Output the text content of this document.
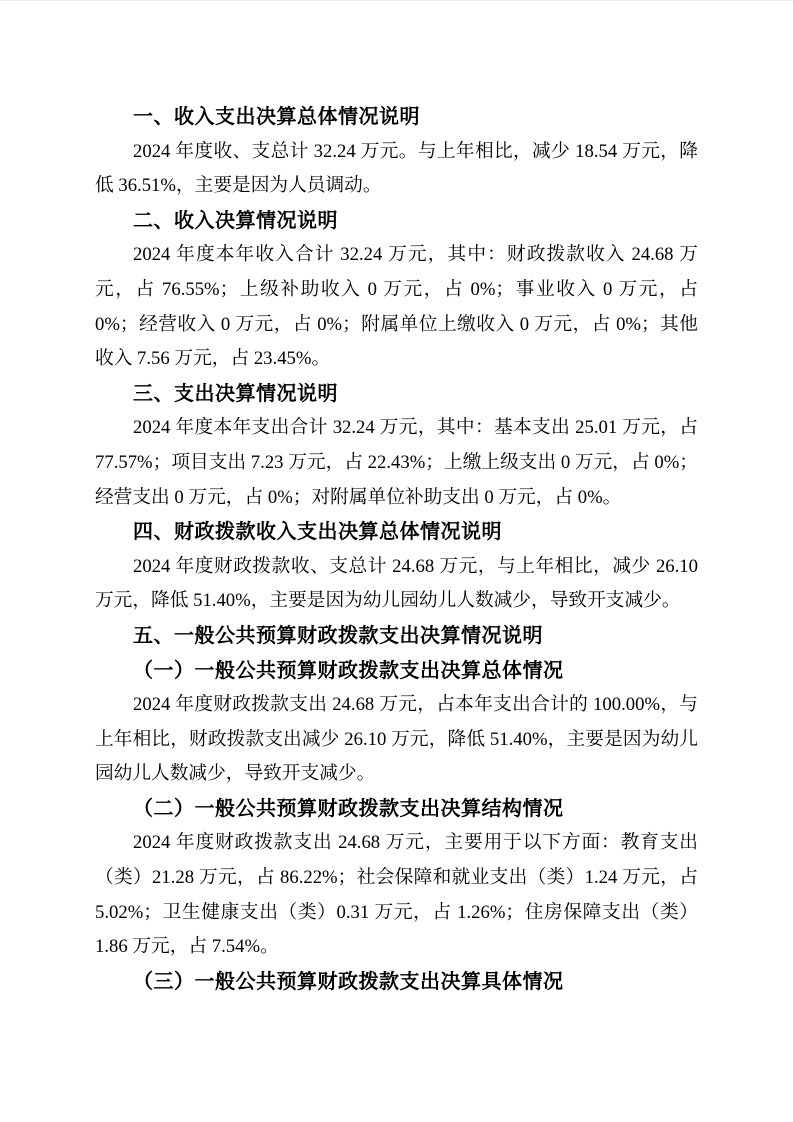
一、收入支出决算总体情况说明

2024 年度收、支总计 32.24 万元。与上年相比，减少 18.54 万元，降低 36.51%，主要是因为人员调动。

二、收入决算情况说明

2024 年度本年收入合计 32.24 万元，其中：财政拨款收入 24.68 万元，占 76.55%；上级补助收入 0 万元，占 0%；事业收入 0 万元，占 0%；经营收入 0 万元，占 0%；附属单位上缴收入 0 万元，占 0%；其他收入 7.56 万元，占 23.45%。

三、支出决算情况说明

2024 年度本年支出合计 32.24 万元，其中：基本支出 25.01 万元，占 77.57%；项目支出 7.23 万元，占 22.43%；上缴上级支出 0 万元，占 0%；经营支出 0 万元，占 0%；对附属单位补助支出 0 万元，占 0%。

四、财政拨款收入支出决算总体情况说明

2024 年度财政拨款收、支总计 24.68 万元，与上年相比，减少 26.10 万元，降低 51.40%，主要是因为幼儿园幼儿人数减少，导致开支减少。

五、一般公共预算财政拨款支出决算情况说明
（一）一般公共预算财政拨款支出决算总体情况

2024 年度财政拨款支出 24.68 万元，占本年支出合计的 100.00%，与上年相比，财政拨款支出减少 26.10 万元，降低 51.40%，主要是因为幼儿园幼儿人数减少，导致开支减少。

（二）一般公共预算财政拨款支出决算结构情况

2024 年度财政拨款支出 24.68 万元，主要用于以下方面：教育支出（类）21.28 万元，占 86.22%；社会保障和就业支出（类）1.24 万元，占 5.02%；卫生健康支出（类）0.31 万元，占 1.26%；住房保障支出（类）1.86 万元，占 7.54%。

（三）一般公共预算财政拨款支出决算具体情况
